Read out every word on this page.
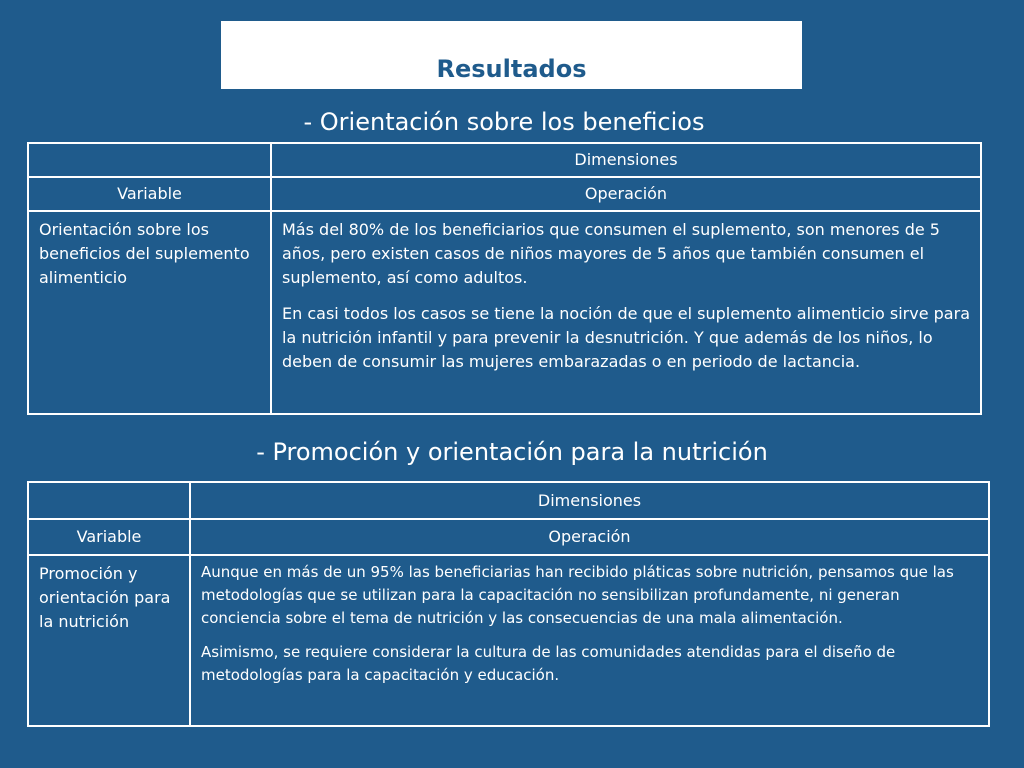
Resultados
- Orientación sobre los beneficios
	Dimensiones
Variable	Operación
Orientación sobre los beneficios del suplemento alimenticio	Más del 80% de los beneficiarios que consumen el suplemento, son menores de 5 años, pero existen casos de niños mayores de 5 años que también consumen el suplemento, así como adultos.

En casi todos los casos se tiene la noción de que el suplemento alimenticio sirve para la nutrición infantil y para prevenir la desnutrición. Y que además de los niños, lo deben de consumir las mujeres embarazadas o en periodo de lactancia.

- Promoción y orientación para la nutrición
	Dimensiones
Variable	Operación
Promoción y orientación para la nutrición	Aunque en más de un 95% las beneficiarias han recibido pláticas sobre nutrición, pensamos que las metodologías que se utilizan para la capacitación no sensibilizan profundamente, ni generan conciencia sobre el tema de nutrición y las consecuencias de una mala alimentación.

Asimismo, se requiere considerar la cultura de las comunidades atendidas para el diseño de metodologías para la capacitación y educación.
